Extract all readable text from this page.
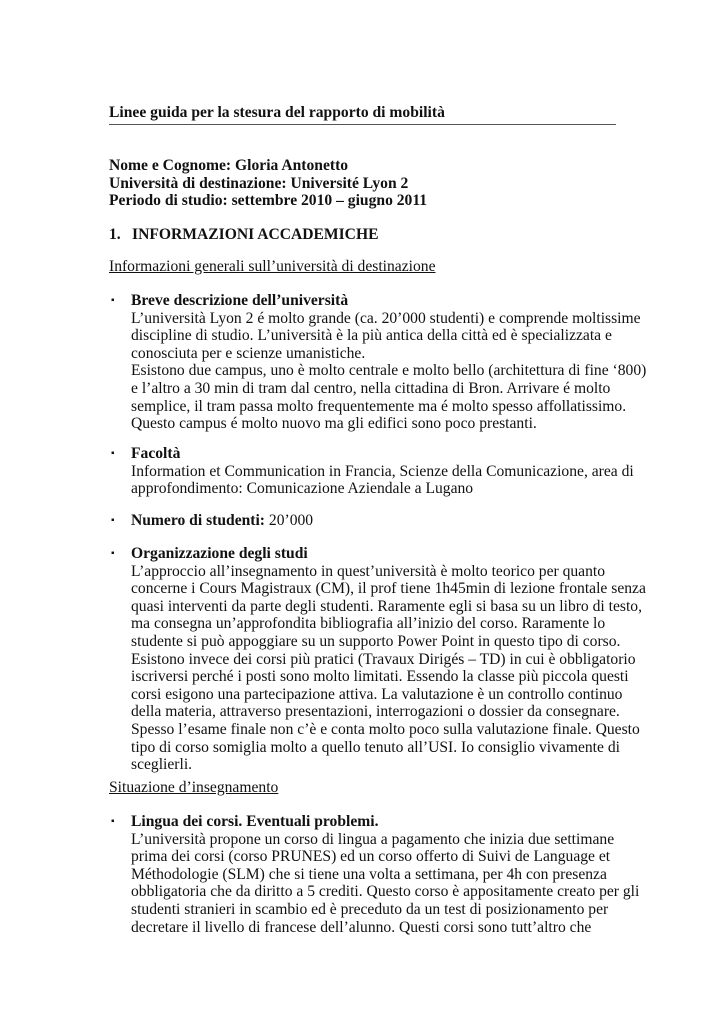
Linee guida per la stesura del rapporto di mobilità
Nome e Cognome: Gloria Antonetto
Università di destinazione: Université Lyon 2
Periodo di studio: settembre 2010 – giugno 2011
1. INFORMAZIONI ACCADEMICHE
Informazioni generali sull’università di destinazione
▪ Breve descrizione dell’università
L’università Lyon 2 é molto grande (ca. 20’000 studenti) e comprende moltissime
discipline di studio. L’università è la più antica della città ed è specializzata e
conosciuta per e scienze umanistiche.
Esistono due campus, uno è molto centrale e molto bello (architettura di fine ‘800)
e l’altro a 30 min di tram dal centro, nella cittadina di Bron. Arrivare é molto
semplice, il tram passa molto frequentemente ma é molto spesso affollatissimo.
Questo campus é molto nuovo ma gli edifici sono poco prestanti.
▪ Facoltà
Information et Communication in Francia, Scienze della Comunicazione, area di
approfondimento: Comunicazione Aziendale a Lugano
▪ Numero di studenti: 20’000
▪ Organizzazione degli studi
L’approccio all’insegnamento in quest’università è molto teorico per quanto
concerne i Cours Magistraux (CM), il prof tiene 1h45min di lezione frontale senza
quasi interventi da parte degli studenti. Raramente egli si basa su un libro di testo,
ma consegna un’approfondita bibliografia all’inizio del corso. Raramente lo
studente si può appoggiare su un supporto Power Point in questo tipo di corso.
Esistono invece dei corsi più pratici (Travaux Dirigés – TD) in cui è obbligatorio
iscriversi perché i posti sono molto limitati. Essendo la classe più piccola questi
corsi esigono una partecipazione attiva. La valutazione è un controllo continuo
della materia, attraverso presentazioni, interrogazioni o dossier da consegnare.
Spesso l’esame finale non c’è e conta molto poco sulla valutazione finale. Questo
tipo di corso somiglia molto a quello tenuto all’USI. Io consiglio vivamente di
sceglierli.
Situazione d’insegnamento
▪ Lingua dei corsi. Eventuali problemi.
L’università propone un corso di lingua a pagamento che inizia due settimane
prima dei corsi (corso PRUNES) ed un corso offerto di Suivi de Language et
Méthodologie (SLM) che si tiene una volta a settimana, per 4h con presenza
obbligatoria che da diritto a 5 crediti. Questo corso è appositamente creato per gli
studenti stranieri in scambio ed è preceduto da un test di posizionamento per
decretare il livello di francese dell’alunno. Questi corsi sono tutt’altro che
